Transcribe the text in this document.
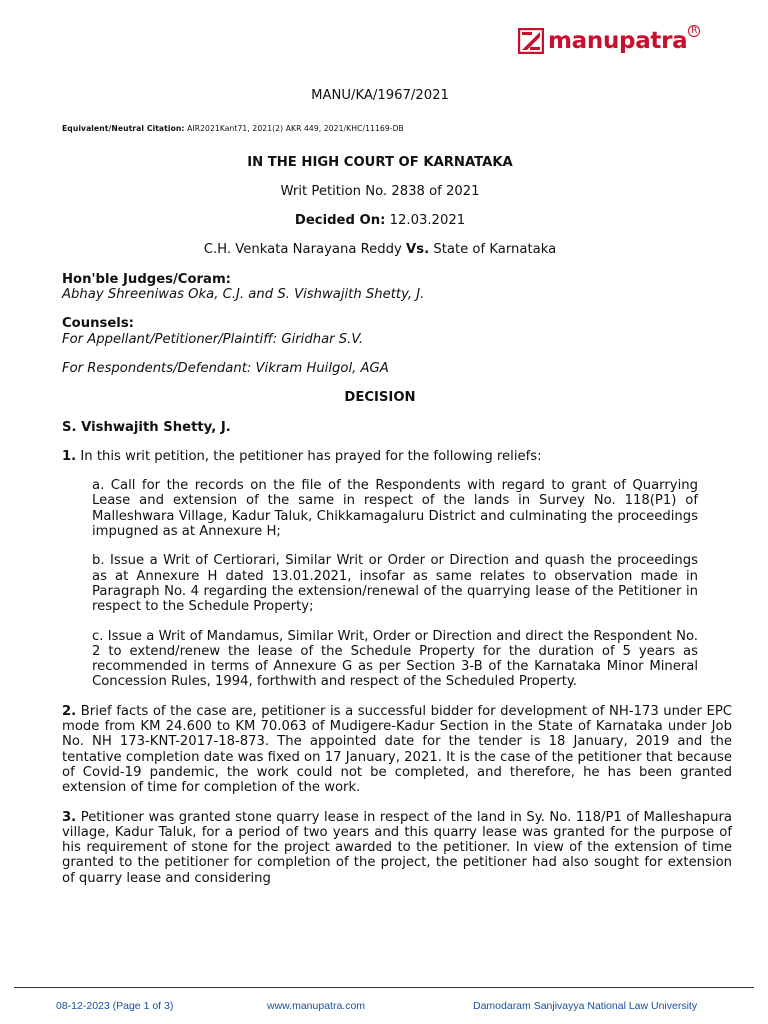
manupatra R

MANU/KA/1967/2021

Equivalent/Neutral Citation: AIR2021Kant71, 2021(2) AKR 449, 2021/KHC/11169-DB

IN THE HIGH COURT OF KARNATAKA

Writ Petition No. 2838 of 2021

Decided On: 12.03.2021

C.H. Venkata Narayana Reddy Vs. State of Karnataka

Hon'ble Judges/Coram:

Abhay Shreeniwas Oka, C.J. and S. Vishwajith Shetty, J.

Counsels:

For Appellant/Petitioner/Plaintiff: Giridhar S.V.

For Respondents/Defendant: Vikram Huilgol, AGA

DECISION

S. Vishwajith Shetty, J.

1. In this writ petition, the petitioner has prayed for the following reliefs:

a. Call for the records on the file of the Respondents with regard to grant of Quarrying Lease and extension of the same in respect of the lands in Survey No. 118(P1) of Malleshwara Village, Kadur Taluk, Chikkamagaluru District and culminating the proceedings impugned as at Annexure H;

b. Issue a Writ of Certiorari, Similar Writ or Order or Direction and quash the proceedings as at Annexure H dated 13.01.2021, insofar as same relates to observation made in Paragraph No. 4 regarding the extension/renewal of the quarrying lease of the Petitioner in respect to the Schedule Property;

c. Issue a Writ of Mandamus, Similar Writ, Order or Direction and direct the Respondent No. 2 to extend/renew the lease of the Schedule Property for the duration of 5 years as recommended in terms of Annexure G as per Section 3-B of the Karnataka Minor Mineral Concession Rules, 1994, forthwith and respect of the Scheduled Property.

2. Brief facts of the case are, petitioner is a successful bidder for development of NH-173 under EPC mode from KM 24.600 to KM 70.063 of Mudigere-Kadur Section in the State of Karnataka under Job No. NH 173-KNT-2017-18-873. The appointed date for the tender is 18 January, 2019 and the tentative completion date was fixed on 17 January, 2021. It is the case of the petitioner that because of Covid-19 pandemic, the work could not be completed, and therefore, he has been granted extension of time for completion of the work.

3. Petitioner was granted stone quarry lease in respect of the land in Sy. No. 118/P1 of Malleshapura village, Kadur Taluk, for a period of two years and this quarry lease was granted for the purpose of his requirement of stone for the project awarded to the petitioner. In view of the extension of time granted to the petitioner for completion of the project, the petitioner had also sought for extension of quarry lease and considering

08-12-2023 (Page 1 of 3)	www.manupatra.com	Damodaram Sanjivayya National Law University
